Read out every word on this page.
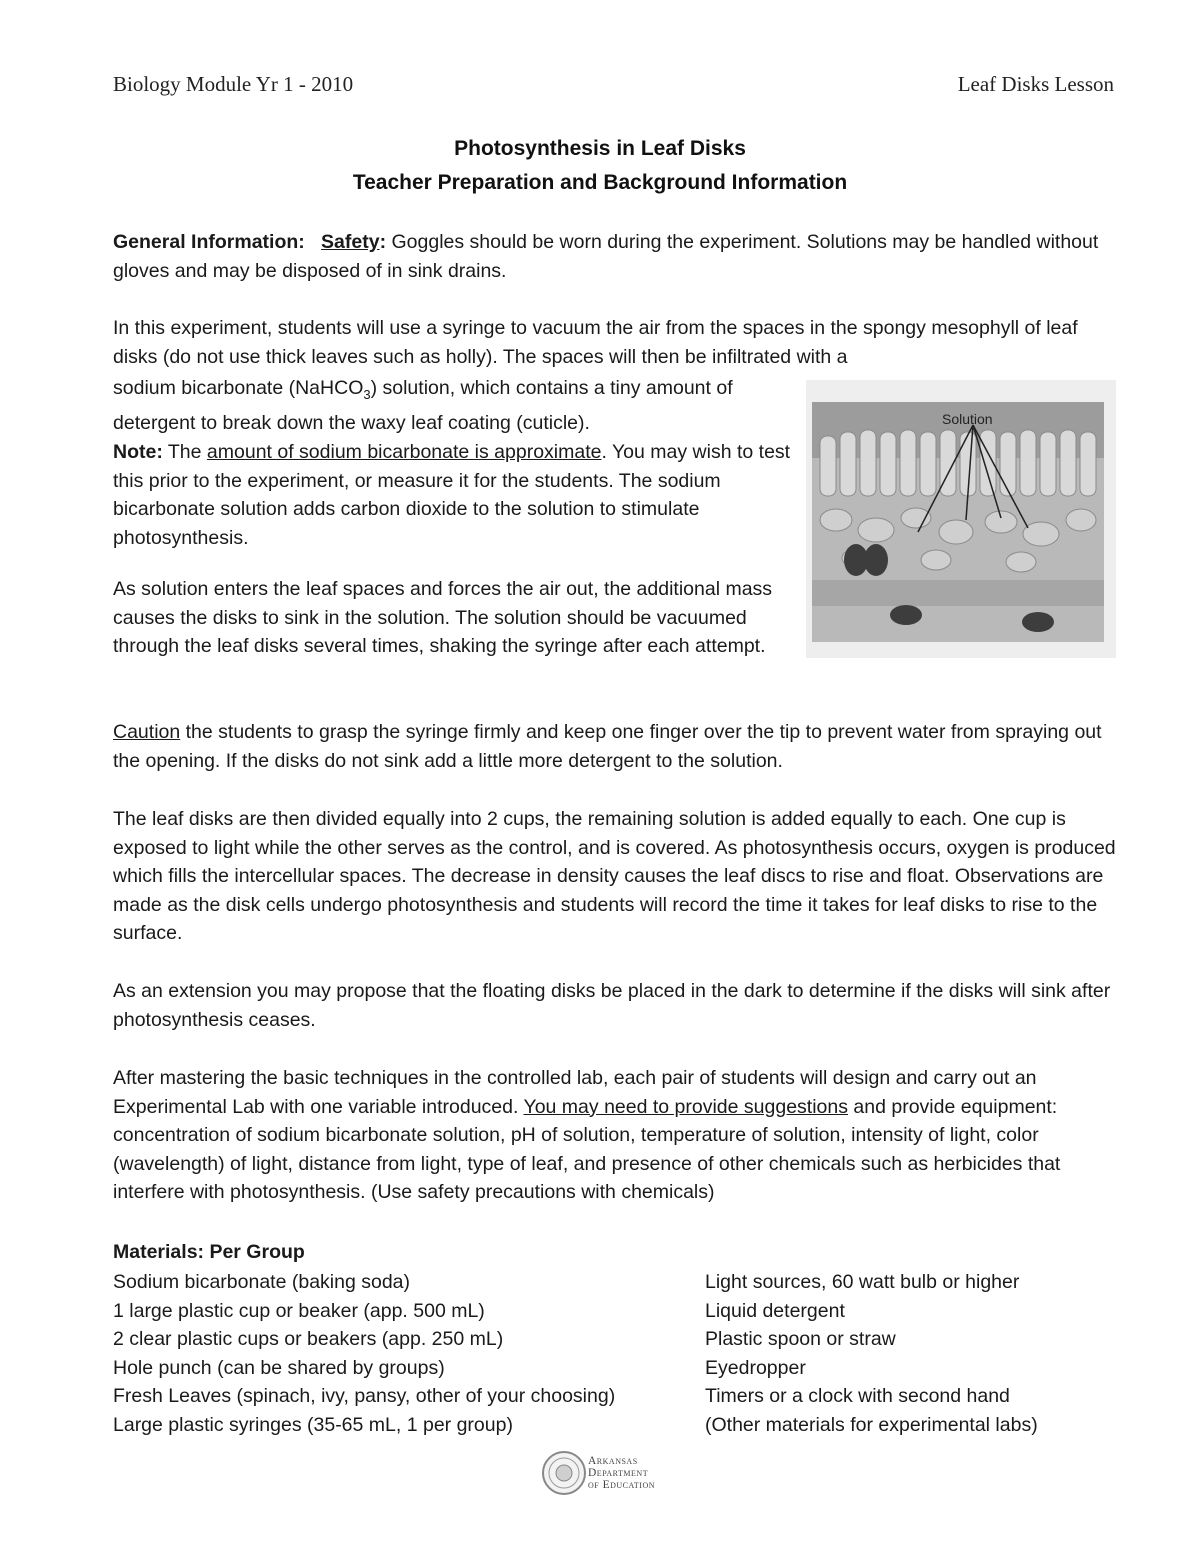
Biology Module Yr 1 - 2010	Leaf Disks Lesson
Photosynthesis in Leaf Disks
Teacher Preparation and Background Information

General Information: Safety: Goggles should be worn during the experiment. Solutions may be handled without gloves and may be disposed of in sink drains.

In this experiment, students will use a syringe to vacuum the air from the spaces in the spongy mesophyll of leaf disks (do not use thick leaves such as holly). The spaces will then be infiltrated with a

sodium bicarbonate (NaHCO$_3$) solution, which contains a tiny amount of detergent to break down the waxy leaf coating (cuticle).

Note: The amount of sodium bicarbonate is approximate. You may wish to test this prior to the experiment, or measure it for the students. The sodium bicarbonate solution adds carbon dioxide to the solution to stimulate photosynthesis.

As solution enters the leaf spaces and forces the air out, the additional mass causes the disks to sink in the solution. The solution should be vacuumed through the leaf disks several times, shaking the syringe after each attempt.
Solution

Caution the students to grasp the syringe firmly and keep one finger over the tip to prevent water from spraying out the opening. If the disks do not sink add a little more detergent to the solution.

The leaf disks are then divided equally into 2 cups, the remaining solution is added equally to each. One cup is exposed to light while the other serves as the control, and is covered. As photosynthesis occurs, oxygen is produced which fills the intercellular spaces. The decrease in density causes the leaf discs to rise and float. Observations are made as the disk cells undergo photosynthesis and students will record the time it takes for leaf disks to rise to the surface.
As an extension you may propose that the floating disks be placed in the dark to determine if the disks will sink after photosynthesis ceases.

After mastering the basic techniques in the controlled lab, each pair of students will design and carry out an Experimental Lab with one variable introduced. You may need to provide suggestions and provide equipment: concentration of sodium bicarbonate solution, pH of solution, temperature of solution, intensity of light, color (wavelength) of light, distance from light, type of leaf, and presence of other chemicals such as herbicides that interfere with photosynthesis. (Use safety precautions with chemicals)

Materials: Per Group
Sodium bicarbonate (baking soda)
1 large plastic cup or beaker (app. 500 mL)
2 clear plastic cups or beakers (app. 250 mL)
Hole punch (can be shared by groups)
Fresh Leaves (spinach, ivy, pansy, other of your choosing)
Large plastic syringes (35-65 mL, 1 per group)
Light sources, 60 watt bulb or higher
Liquid detergent
Plastic spoon or straw
Eyedropper
Timers or a clock with second hand
(Other materials for experimental labs)
Arkansas
Department
of Education
